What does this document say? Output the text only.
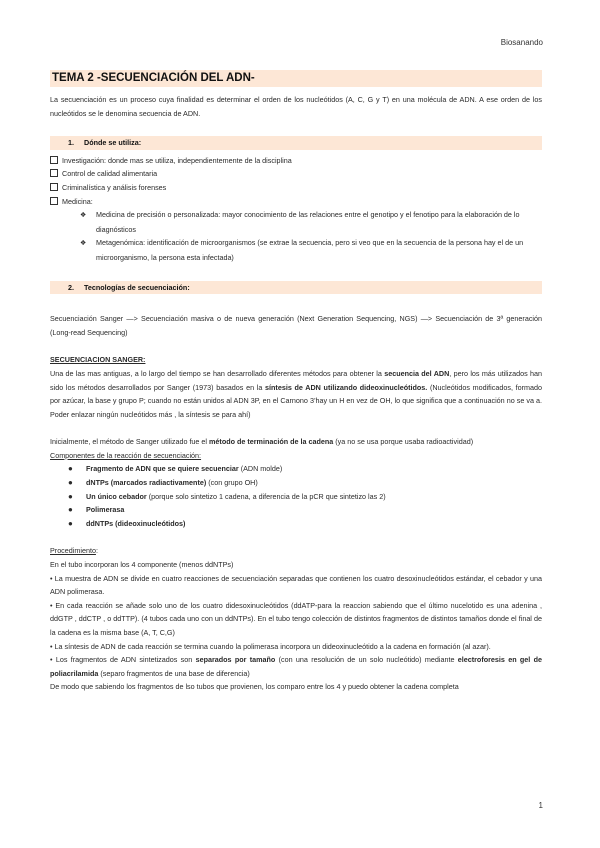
Biosanando
TEMA 2 -SECUENCIACIÓN DEL ADN-

La secuenciación es un proceso cuya finalidad es determinar el orden de los nucleótidos (A, C, G y T) en una molécula de ADN. A ese orden de los nucleótidos se le denomina secuencia de ADN.

1. Dónde se utiliza:

Investigación: donde mas se utiliza, independientemente de la disciplina

Control de calidad alimentaria

Criminalística y análisis forenses

Medicina:

❖ Medicina de precisión o personalizada: mayor conocimiento de las relaciones entre el genotipo y el fenotipo para la elaboración de lo diagnósticos

❖ Metagenómica: identificación de microorganismos (se extrae la secuencia, pero si veo que en la secuencia de la persona hay el de un microorganismo, la persona esta infectada)

2. Tecnologías de secuenciación:

Secuenciación Sanger —> Secuenciación masiva o de nueva generación (Next Generation Sequencing, NGS) —> Secuenciación de 3ª generación (Long-read Sequencing)

SECUENCIACION SANGER:

Una de las mas antiguas, a lo largo del tiempo se han desarrollado diferentes métodos para obtener la secuencia del ADN, pero los más utilizados han sido los métodos desarrollados por Sanger (1973) basados en la síntesis de ADN utilizando dideoxinucleótidos. (Nucleótidos modificados, formado por azúcar, la base y grupo P; cuando no están unidos al ADN 3P, en el Carnono 3’hay un H en vez de OH, lo que significa que a continuación no se va a. Poder enlazar ningún nucleótidos más , la síntesis se para ahí)

Inicialmente, el método de Sanger utilizado fue el método de terminación de la cadena (ya no se usa porque usaba radioactividad)

Componentes de la reacción de secuenciación:

● Fragmento de ADN que se quiere secuenciar (ADN molde)

● dNTPs (marcados radiactivamente) (con grupo OH)

● Un único cebador (porque solo sintetizo 1 cadena, a diferencia de la pCR que sintetizo las 2)

● Polimerasa

● ddNTPs (dideoxinucleótidos)

Procedimiento:

En el tubo incorporan los 4 componente (menos ddNTPs)

• La muestra de ADN se divide en cuatro reacciones de secuenciación separadas que contienen los cuatro desoxinucleótidos estándar, el cebador y una ADN polimerasa.

• En cada reacción se añade solo uno de los cuatro didesoxinucleótidos (ddATP-para la reaccion sabiendo que el último nucelotido es una adenina , ddGTP , ddCTP , o ddTTP). (4 tubos cada uno con un ddNTPs). En el tubo tengo colección de distintos fragmentos de distintos tamaños donde el final de la cadena es la misma base (A, T, C,G)

• La síntesis de ADN de cada reacción se termina cuando la polimerasa incorpora un dideoxinucleótido a la cadena en formación (al azar).

• Los fragmentos de ADN sintetizados son separados por tamaño (con una resolución de un solo nucleótido) mediante electroforesis en gel de poliacrilamida (separo fragmentos de una base de diferencia)

De modo que sabiendo los fragmentos de lso tubos que provienen, los comparo entre los 4 y puedo obtener la cadena completa

1
